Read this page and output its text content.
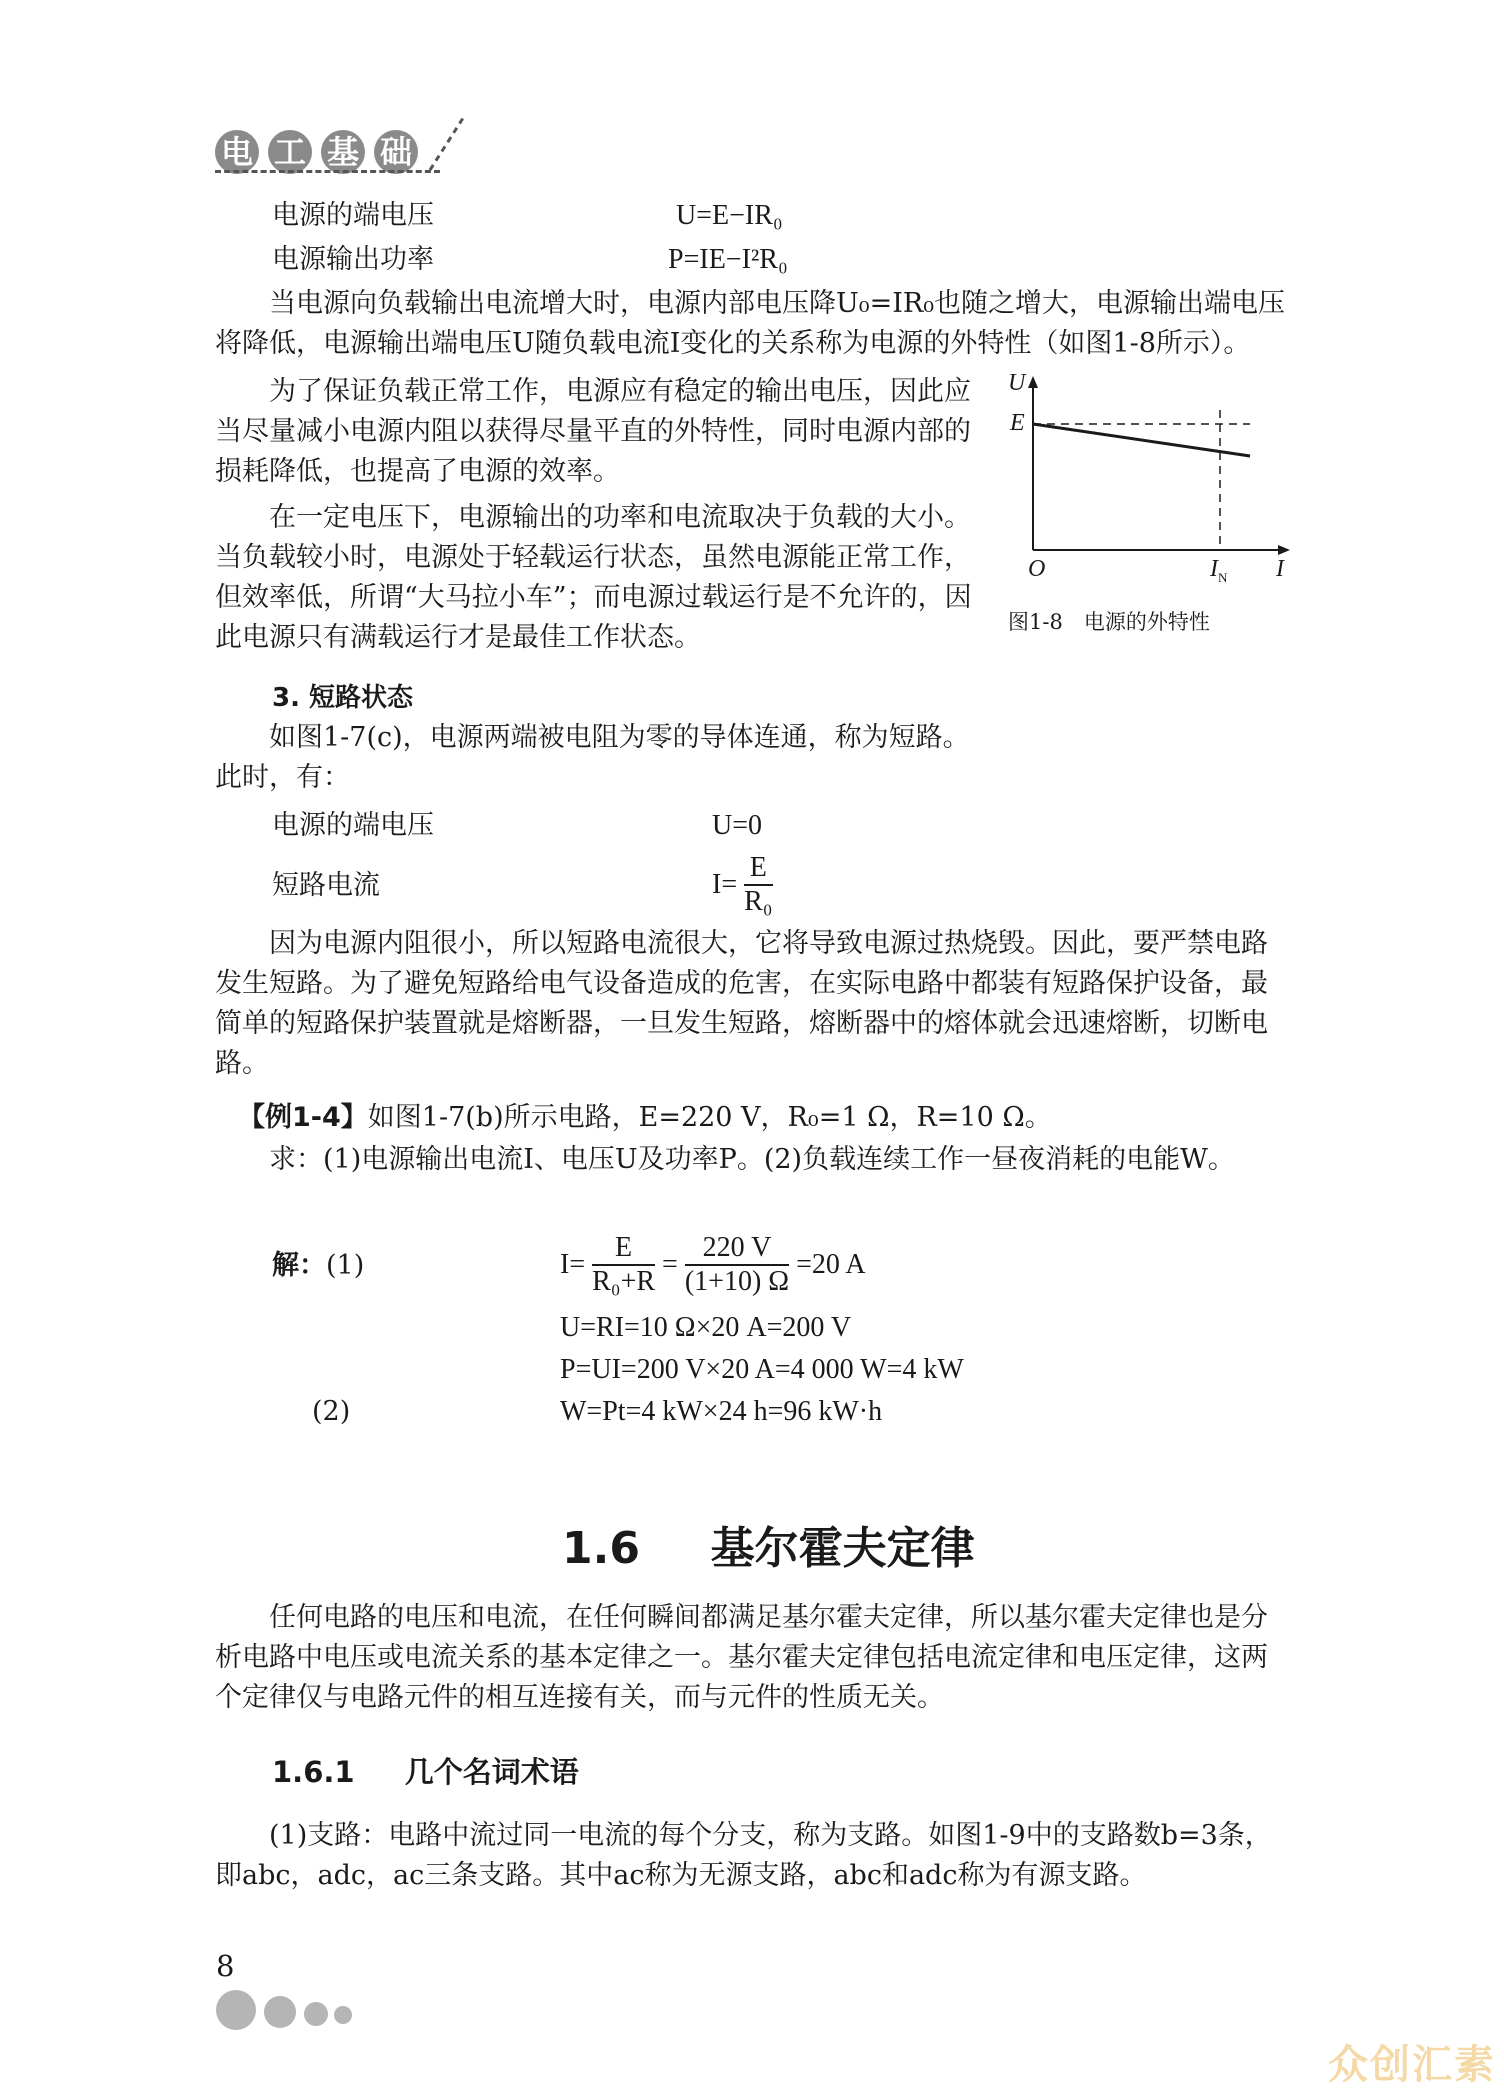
电 工 基 础
电源的端电压	U=E−IR₀
电源输出功率	P=IE−I²R₀
当电源向负载输出电流增大时，电源内部电压降U₀=IR₀也随之增大，电源输出端电压将降低，电源输出端电压U随负载电流I变化的关系称为电源的外特性（如图1-8所示）。
为了保证负载正常工作，电源应有稳定的输出电压，因此应当尽量减小电源内阻以获得尽量平直的外特性，同时电源内部的损耗降低，也提高了电源的效率。
在一定电压下，电源输出的功率和电流取决于负载的大小。当负载较小时，电源处于轻载运行状态，虽然电源能正常工作，但效率低，所谓“大马拉小车”；而电源过载运行是不允许的，因此电源只有满载运行才是最佳工作状态。
U
E
O	$I_N$ I
图1-8　电源的外特性
3. 短路状态
如图1-7(c)，电源两端被电阻为零的导体连通，称为短路。此时，有：
电源的端电压	U=0
短路电流	$I= \frac{E}{\text{R₀}}$
因为电源内阻很小，所以短路电流很大，它将导致电源过热烧毁。因此，要严禁电路发生短路。为了避免短路给电气设备造成的危害，在实际电路中都装有短路保护设备，最简单的短路保护装置就是熔断器，一旦发生短路，熔断器中的熔体就会迅速熔断，切断电路。
【例1-4】如图1-7(b)所示电路，E=220 V，R₀=1 Ω，R=10 Ω。
求：(1)电源输出电流I、电压U及功率P。(2)负载连续工作一昼夜消耗的电能W。
解：(1)	$I= \frac{E}{\text{R₀+R}} = \frac{220 V}{(1+10) \Omega} =20$ A
U=RI=10 Ω×20 A=200 V
P=UI=200 V×20 A=4 000 W=4 kW
(2)	W=Pt=4 kW×24 h=96 kW·h
1.6 基尔霍夫定律
任何电路的电压和电流，在任何瞬间都满足基尔霍夫定律，所以基尔霍夫定律也是分析电路中电压或电流关系的基本定律之一。基尔霍夫定律包括电流定律和电压定律，这两个定律仅与电路元件的相互连接有关，而与元件的性质无关。
1.6.1 几个名词术语
(1)支路：电路中流过同一电流的每个分支，称为支路。如图1-9中的支路数b=3条，即abc，adc，ac三条支路。其中ac称为无源支路，abc和adc称为有源支路。
8
众创汇素
